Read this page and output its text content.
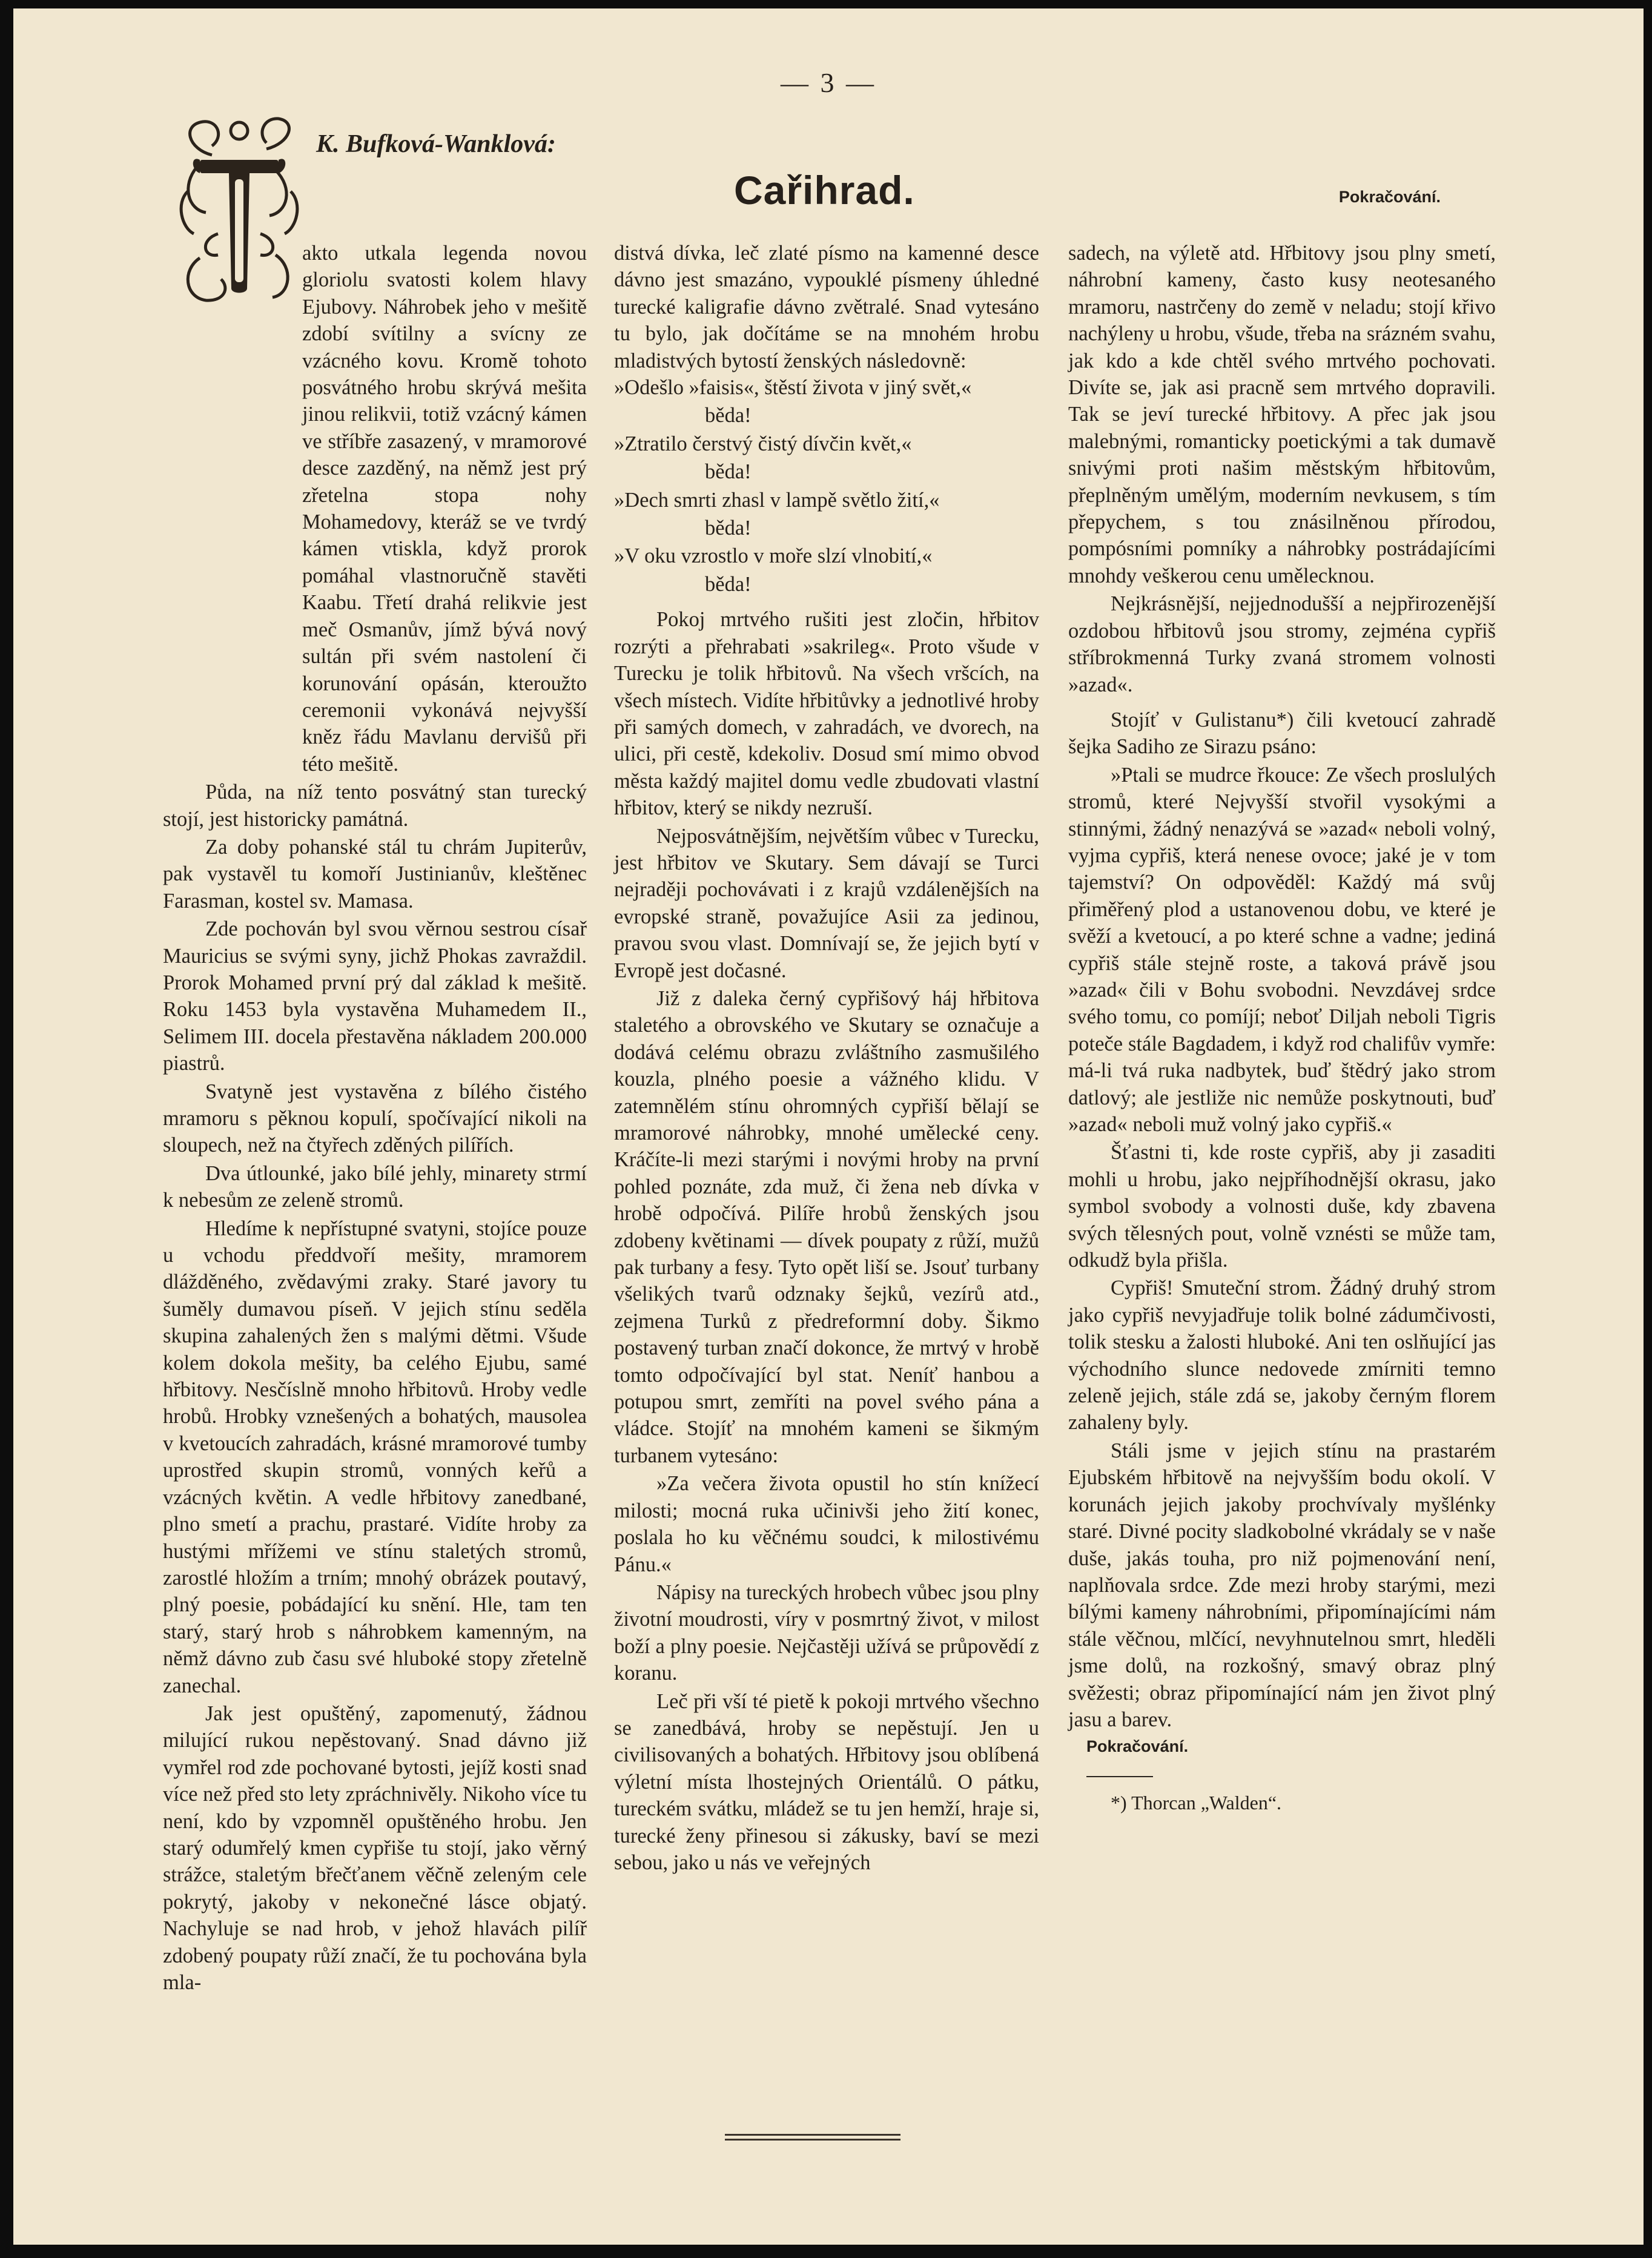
— 3 —
K. Bufková-Wanklová:
Cařihrad.	Pokračování.

akto utkala legenda novou gloriolu svatosti kolem hlavy Ejubovy. Náhrobek jeho v mešitě zdobí svítilny a svícny ze vzácného kovu. Kromě tohoto posvátného hrobu skrývá mešita jinou relikvii, totiž vzácný kámen ve stříbře zasazený, v mramorové desce zazděný, na němž jest prý zřetelna stopa nohy Mohamedovy, kteráž se ve tvrdý kámen vtiskla, když prorok pomáhal vlastnoručně stavěti Kaabu. Třetí drahá relikvie jest meč Osmanův, jímž bývá nový sultán při svém nastolení či korunování opásán, kteroužto ceremonii vykonává nejvyšší kněz řádu Mavlanu dervišů při této mešitě.

Půda, na níž tento posvátný stan turecký stojí, jest historicky památná.

Za doby pohanské stál tu chrám Jupiterův, pak vystavěl tu komoří Justinianův, kleštěnec Farasman, kostel sv. Mamasa.

Zde pochován byl svou věrnou sestrou císař Mauricius se svými syny, jichž Phokas zavraždil. Prorok Mohamed první prý dal základ k mešitě. Roku 1453 byla vystavěna Muhamedem II., Selimem III. docela přestavěna nákladem 200.000 piastrů.

Svatyně jest vystavěna z bílého čistého mramoru s pěknou kopulí, spočívající nikoli na sloupech, než na čtyřech zděných pilířích.

Dva útlounké, jako bílé jehly, minarety strmí k nebesům ze zeleně stromů.

Hledíme k nepřístupné svatyni, stojíce pouze u vchodu předdvoří mešity, mramorem dlážděného, zvědavými zraky. Staré javory tu šuměly dumavou píseň. V jejich stínu seděla skupina zahalených žen s malými dětmi. Všude kolem dokola mešity, ba celého Ejubu, samé hřbitovy. Nesčíslně mnoho hřbitovů. Hroby vedle hrobů. Hrobky vznešených a bohatých, mausolea v kvetoucích zahradách, krásné mramorové tumby uprostřed skupin stromů, vonných keřů a vzácných květin. A vedle hřbitovy zanedbané, plno smetí a prachu, prastaré. Vidíte hroby za hustými mřížemi ve stínu staletých stromů, zarostlé hložím a trním; mnohý obrázek poutavý, plný poesie, pobádající ku snění. Hle, tam ten starý, starý hrob s náhrobkem kamenným, na němž dávno zub času své hluboké stopy zřetelně zanechal.

Jak jest opuštěný, zapomenutý, žádnou milující rukou nepěstovaný. Snad dávno již vymřel rod zde pochované bytosti, jejíž kosti snad více než před sto lety zpráchnivěly. Nikoho více tu není, kdo by vzpomněl opuštěného hrobu. Jen starý odumřelý kmen cypřiše tu stojí, jako věrný strážce, staletým břečťanem věčně zeleným cele pokrytý, jakoby v nekonečné lásce objatý. Nachyluje se nad hrob, v jehož hlavách pilíř zdobený poupaty růží značí, že tu pochována byla mla-

distvá dívka, leč zlaté písmo na kamenné desce dávno jest smazáno, vypouklé písmeny úhledné turecké kaligrafie dávno zvětralé. Snad vytesáno tu bylo, jak dočítáme se na mnohém hrobu mladistvých bytostí ženských následovně:

»Odešlo »faisis«, štěstí života v jiný svět,«

běda!

»Ztratilo čerstvý čistý dívčin květ,«

běda!

»Dech smrti zhasl v lampě světlo žití,«

běda!

»V oku vzrostlo v moře slzí vlnobití,«

běda!

Pokoj mrtvého rušiti jest zločin, hřbitov rozrýti a přehrabati »sakrileg«. Proto všude v Turecku je tolik hřbitovů. Na všech vršcích, na všech místech. Vidíte hřbitůvky a jednotlivé hroby při samých domech, v zahradách, ve dvorech, na ulici, při cestě, kdekoliv. Dosud smí mimo obvod města každý majitel domu vedle zbudovati vlastní hřbitov, který se nikdy nezruší.

Nejposvátnějším, největším vůbec v Turecku, jest hřbitov ve Skutary. Sem dávají se Turci nejraději pochovávati i z krajů vzdálenějších na evropské straně, považujíce Asii za jedinou, pravou svou vlast. Domnívají se, že jejich bytí v Evropě jest dočasné.

Již z daleka černý cypřišový háj hřbitova staletého a obrovského ve Skutary se označuje a dodává celému obrazu zvláštního zasmušilého kouzla, plného poesie a vážného klidu. V zatemnělém stínu ohromných cypřiší bělají se mramorové náhrobky, mnohé umělecké ceny. Kráčíte-li mezi starými i novými hroby na první pohled poznáte, zda muž, či žena neb dívka v hrobě odpočívá. Pilíře hrobů ženských jsou zdobeny květinami — dívek poupaty z růží, mužů pak turbany a fesy. Tyto opět liší se. Jsouť turbany všelikých tvarů odznaky šejků, vezírů atd., zejmena Turků z předreformní doby. Šikmo postavený turban značí dokonce, že mrtvý v hrobě tomto odpočívající byl stat. Neníť hanbou a potupou smrt, zemříti na povel svého pána a vládce. Stojíť na mnohém kameni se šikmým turbanem vytesáno:

»Za večera života opustil ho stín knížecí milosti; mocná ruka učinivši jeho žití konec, poslala ho ku věčnému soudci, k milostivému Pánu.«

Nápisy na tureckých hrobech vůbec jsou plny životní moudrosti, víry v posmrtný život, v milost boží a plny poesie. Nejčastěji užívá se průpovědí z koranu.

Leč při vší té pietě k pokoji mrtvého všechno se zanedbává, hroby se nepěstují. Jen u civilisovaných a bohatých. Hřbitovy jsou oblíbená výletní místa lhostejných Orientálů. O pátku, tureckém svátku, mládež se tu jen hemží, hraje si, turecké ženy přinesou si zákusky, baví se mezi sebou, jako u nás ve veřejných

sadech, na výletě atd. Hřbitovy jsou plny smetí, náhrobní kameny, často kusy neotesaného mramoru, nastrčeny do země v neladu; stojí křivo nachýleny u hrobu, všude, třeba na srázném svahu, jak kdo a kde chtěl svého mrtvého pochovati. Divíte se, jak asi pracně sem mrtvého dopravili. Tak se jeví turecké hřbitovy. A přec jak jsou malebnými, romanticky poetickými a tak dumavě snivými proti našim městským hřbitovům, přeplněným umělým, moderním nevkusem, s tím přepychem, s tou znásilněnou přírodou, pompósními pomníky a náhrobky postrádajícími mnohdy veškerou cenu umělecknou.

Nejkrásnější, nejjednodušší a nejpřirozenější ozdobou hřbitovů jsou stromy, zejména cypřiš stříbrokmenná Turky zvaná stromem volnosti »azad«.

Stojíť v Gulistanu*) čili kvetoucí zahradě šejka Sadiho ze Sirazu psáno:

»Ptali se mudrce řkouce: Ze všech proslulých stromů, které Nejvyšší stvořil vysokými a stinnými, žádný nenazývá se »azad« neboli volný, vyjma cypřiš, která nenese ovoce; jaké je v tom tajemství? On odpověděl: Každý má svůj přiměřený plod a ustanovenou dobu, ve které je svěží a kvetoucí, a po které schne a vadne; jediná cypřiš stále stejně roste, a taková právě jsou »azad« čili v Bohu svobodni. Nevzdávej srdce svého tomu, co pomíjí; neboť Diljah neboli Tigris poteče stále Bagdadem, i když rod chalifův vymře: má-li tvá ruka nadbytek, buď štědrý jako strom datlový; ale jestliže nic nemůže poskytnouti, buď »azad« neboli muž volný jako cypřiš.«

Šťastni ti, kde roste cypřiš, aby ji zasaditi mohli u hrobu, jako nejpříhodnější okrasu, jako symbol svobody a volnosti duše, kdy zbavena svých tělesných pout, volně vznésti se může tam, odkudž byla přišla.

Cypřiš! Smuteční strom. Žádný druhý strom jako cypřiš nevyjadřuje tolik bolné zádumčivosti, tolik stesku a žalosti hluboké. Ani ten oslňující jas východního slunce nedovede zmírniti temno zeleně jejich, stále zdá se, jakoby černým florem zahaleny byly.

Stáli jsme v jejich stínu na prastarém Ejubském hřbitově na nejvyšším bodu okolí. V korunách jejich jakoby prochvívaly myšlénky staré. Divné pocity sladkobolné vkrádaly se v naše duše, jakás touha, pro niž pojmenování není, naplňovala srdce. Zde mezi hroby starými, mezi bílými kameny náhrobními, připomínajícími nám stále věčnou, mlčící, nevyhnutelnou smrt, hleděli jsme dolů, na rozkošný, smavý obraz plný svěžesti; obraz připomínající nám jen život plný jasu a barev.

Pokračování.
*) Thorcan „Walden“.
